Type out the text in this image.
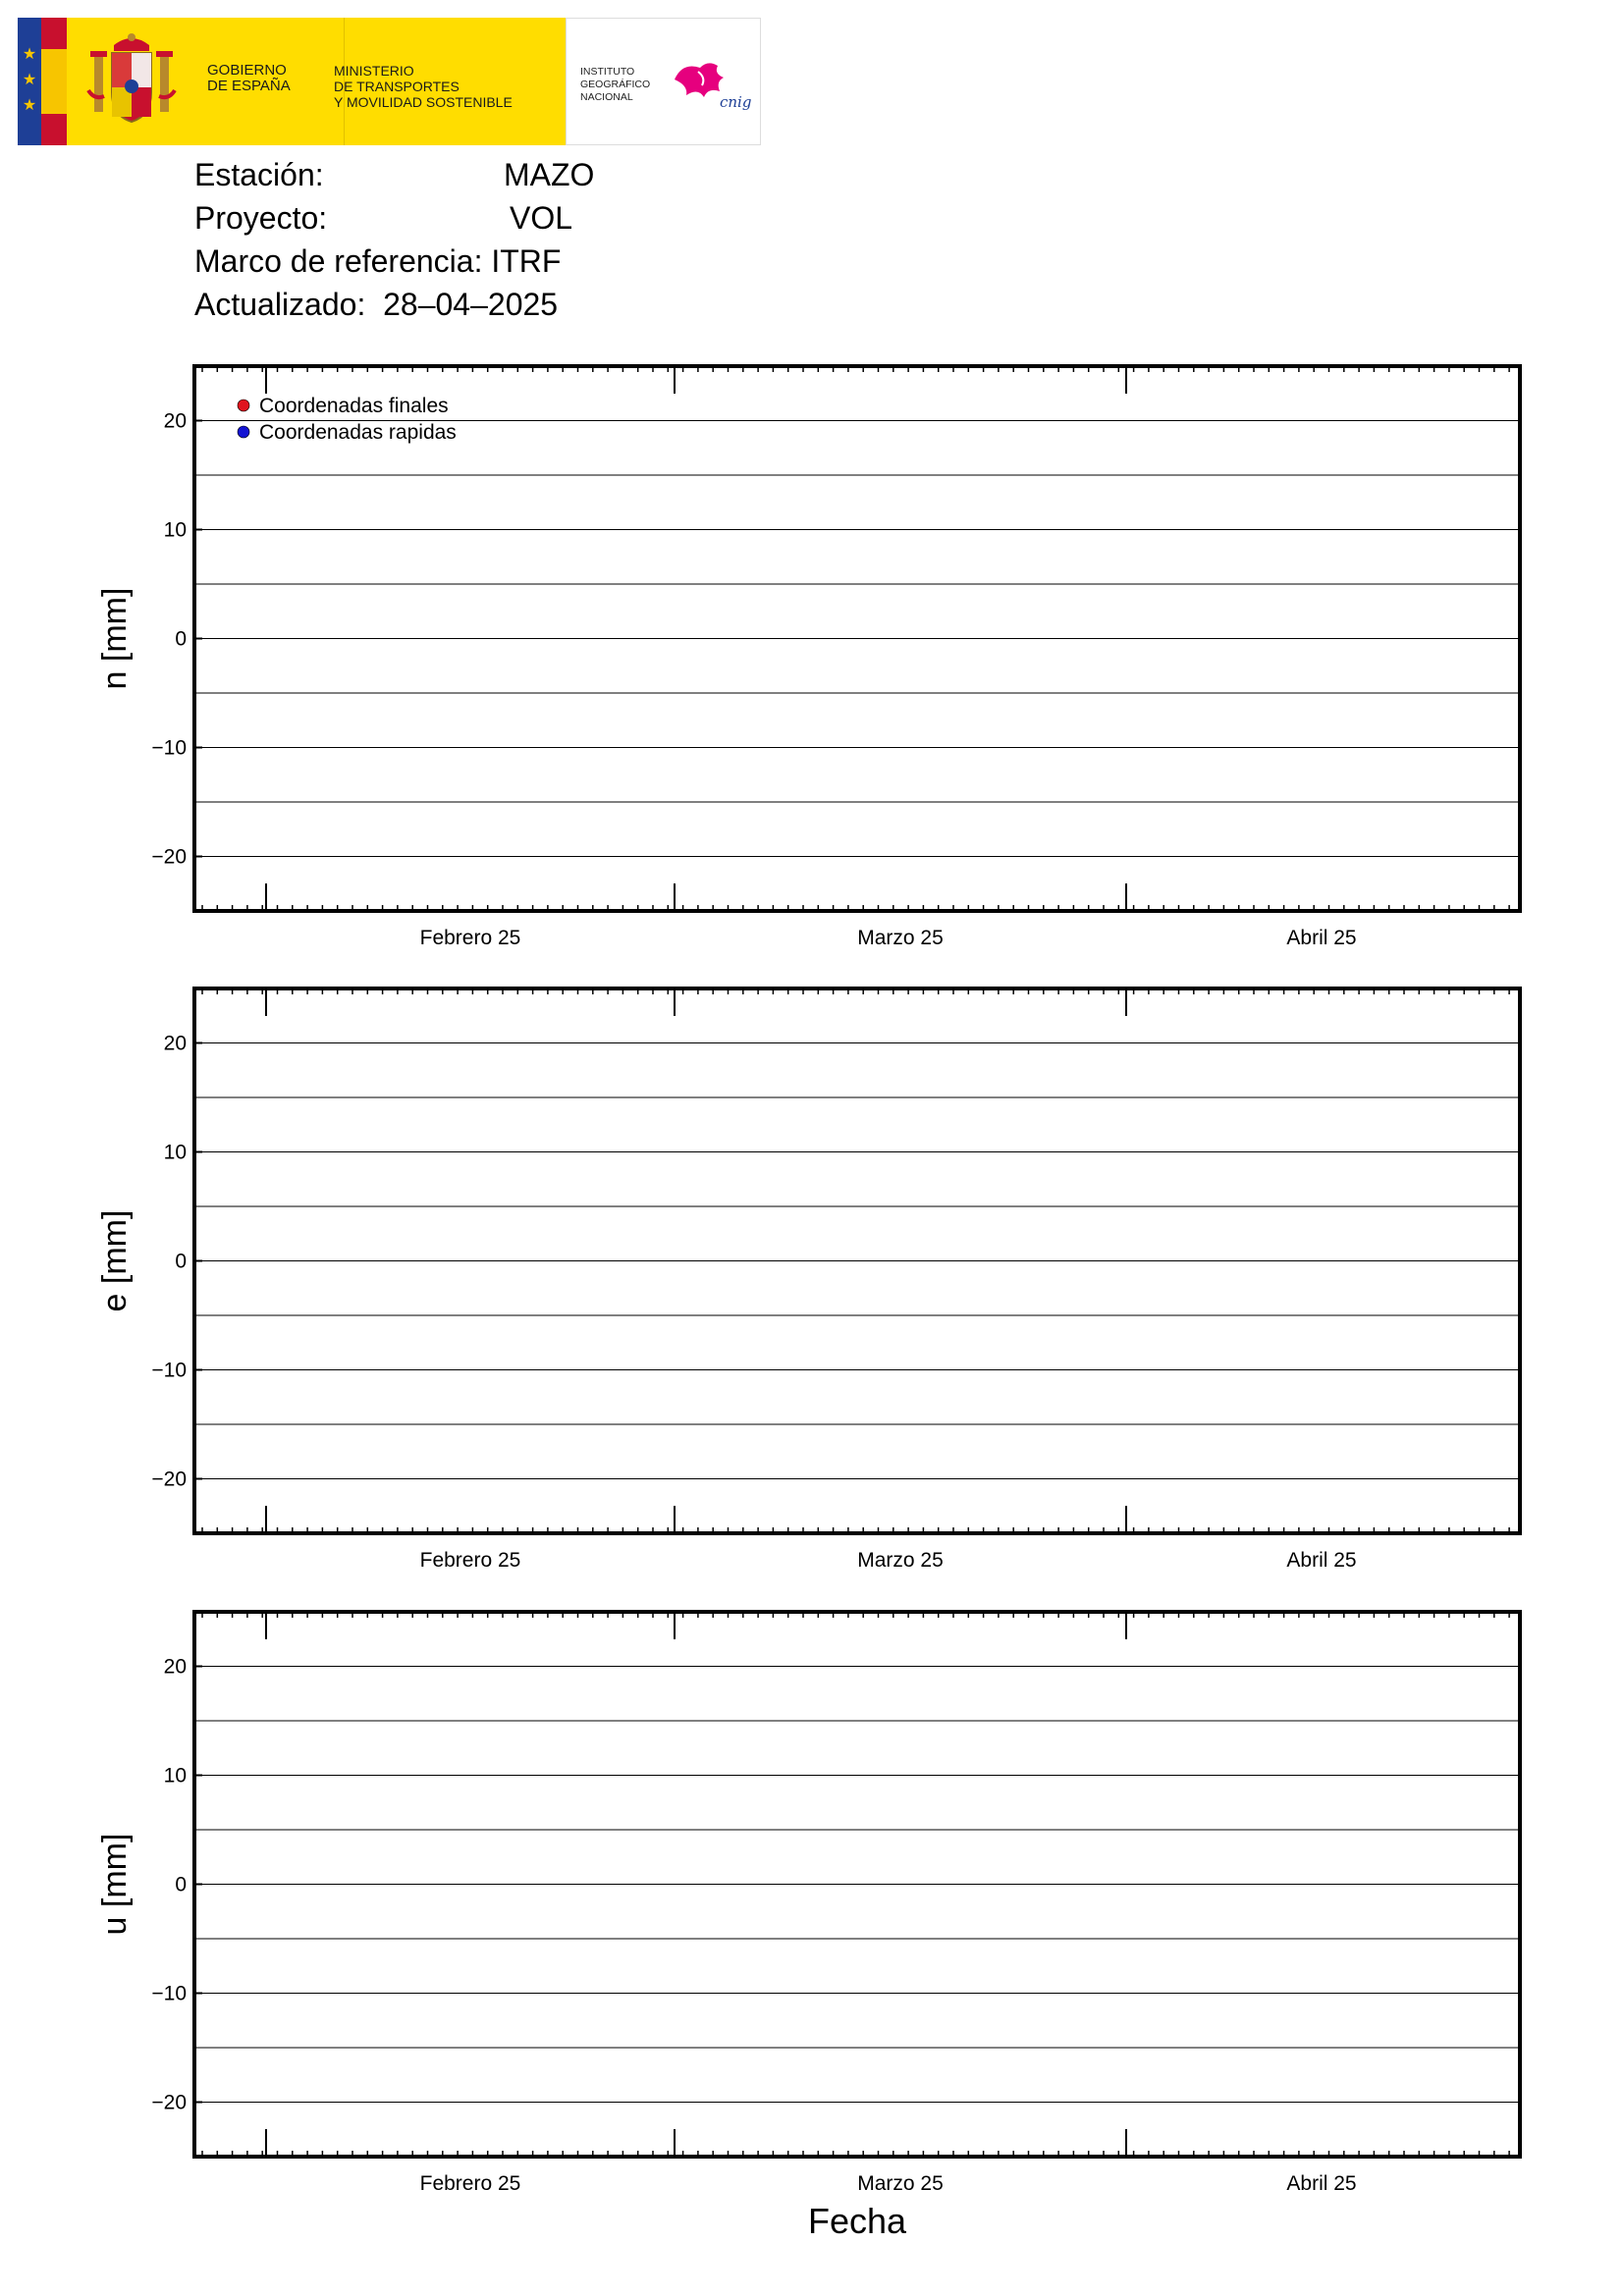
★
★
★
GOBIERNO
DE ESPAÑA
MINISTERIO
DE TRANSPORTES
Y MOVILIDAD SOSTENIBLE
INSTITUTO
GEOGRÁFICO
NACIONAL	cnig
Estación:	MAZO
Proyecto:	VOL
Marco de referencia: ITRF
Actualizado: 28–04–2025
−20
−10
0
10
20
Febrero 25	Marzo 25	Abril 25
n [mm]
Coordenadas finales
Coordenadas rapidas
−20
−10
0
10
20
Febrero 25	Marzo 25	Abril 25
e [mm]
−20
−10
0
10
20
Febrero 25	Marzo 25	Abril 25
u [mm]
Fecha
